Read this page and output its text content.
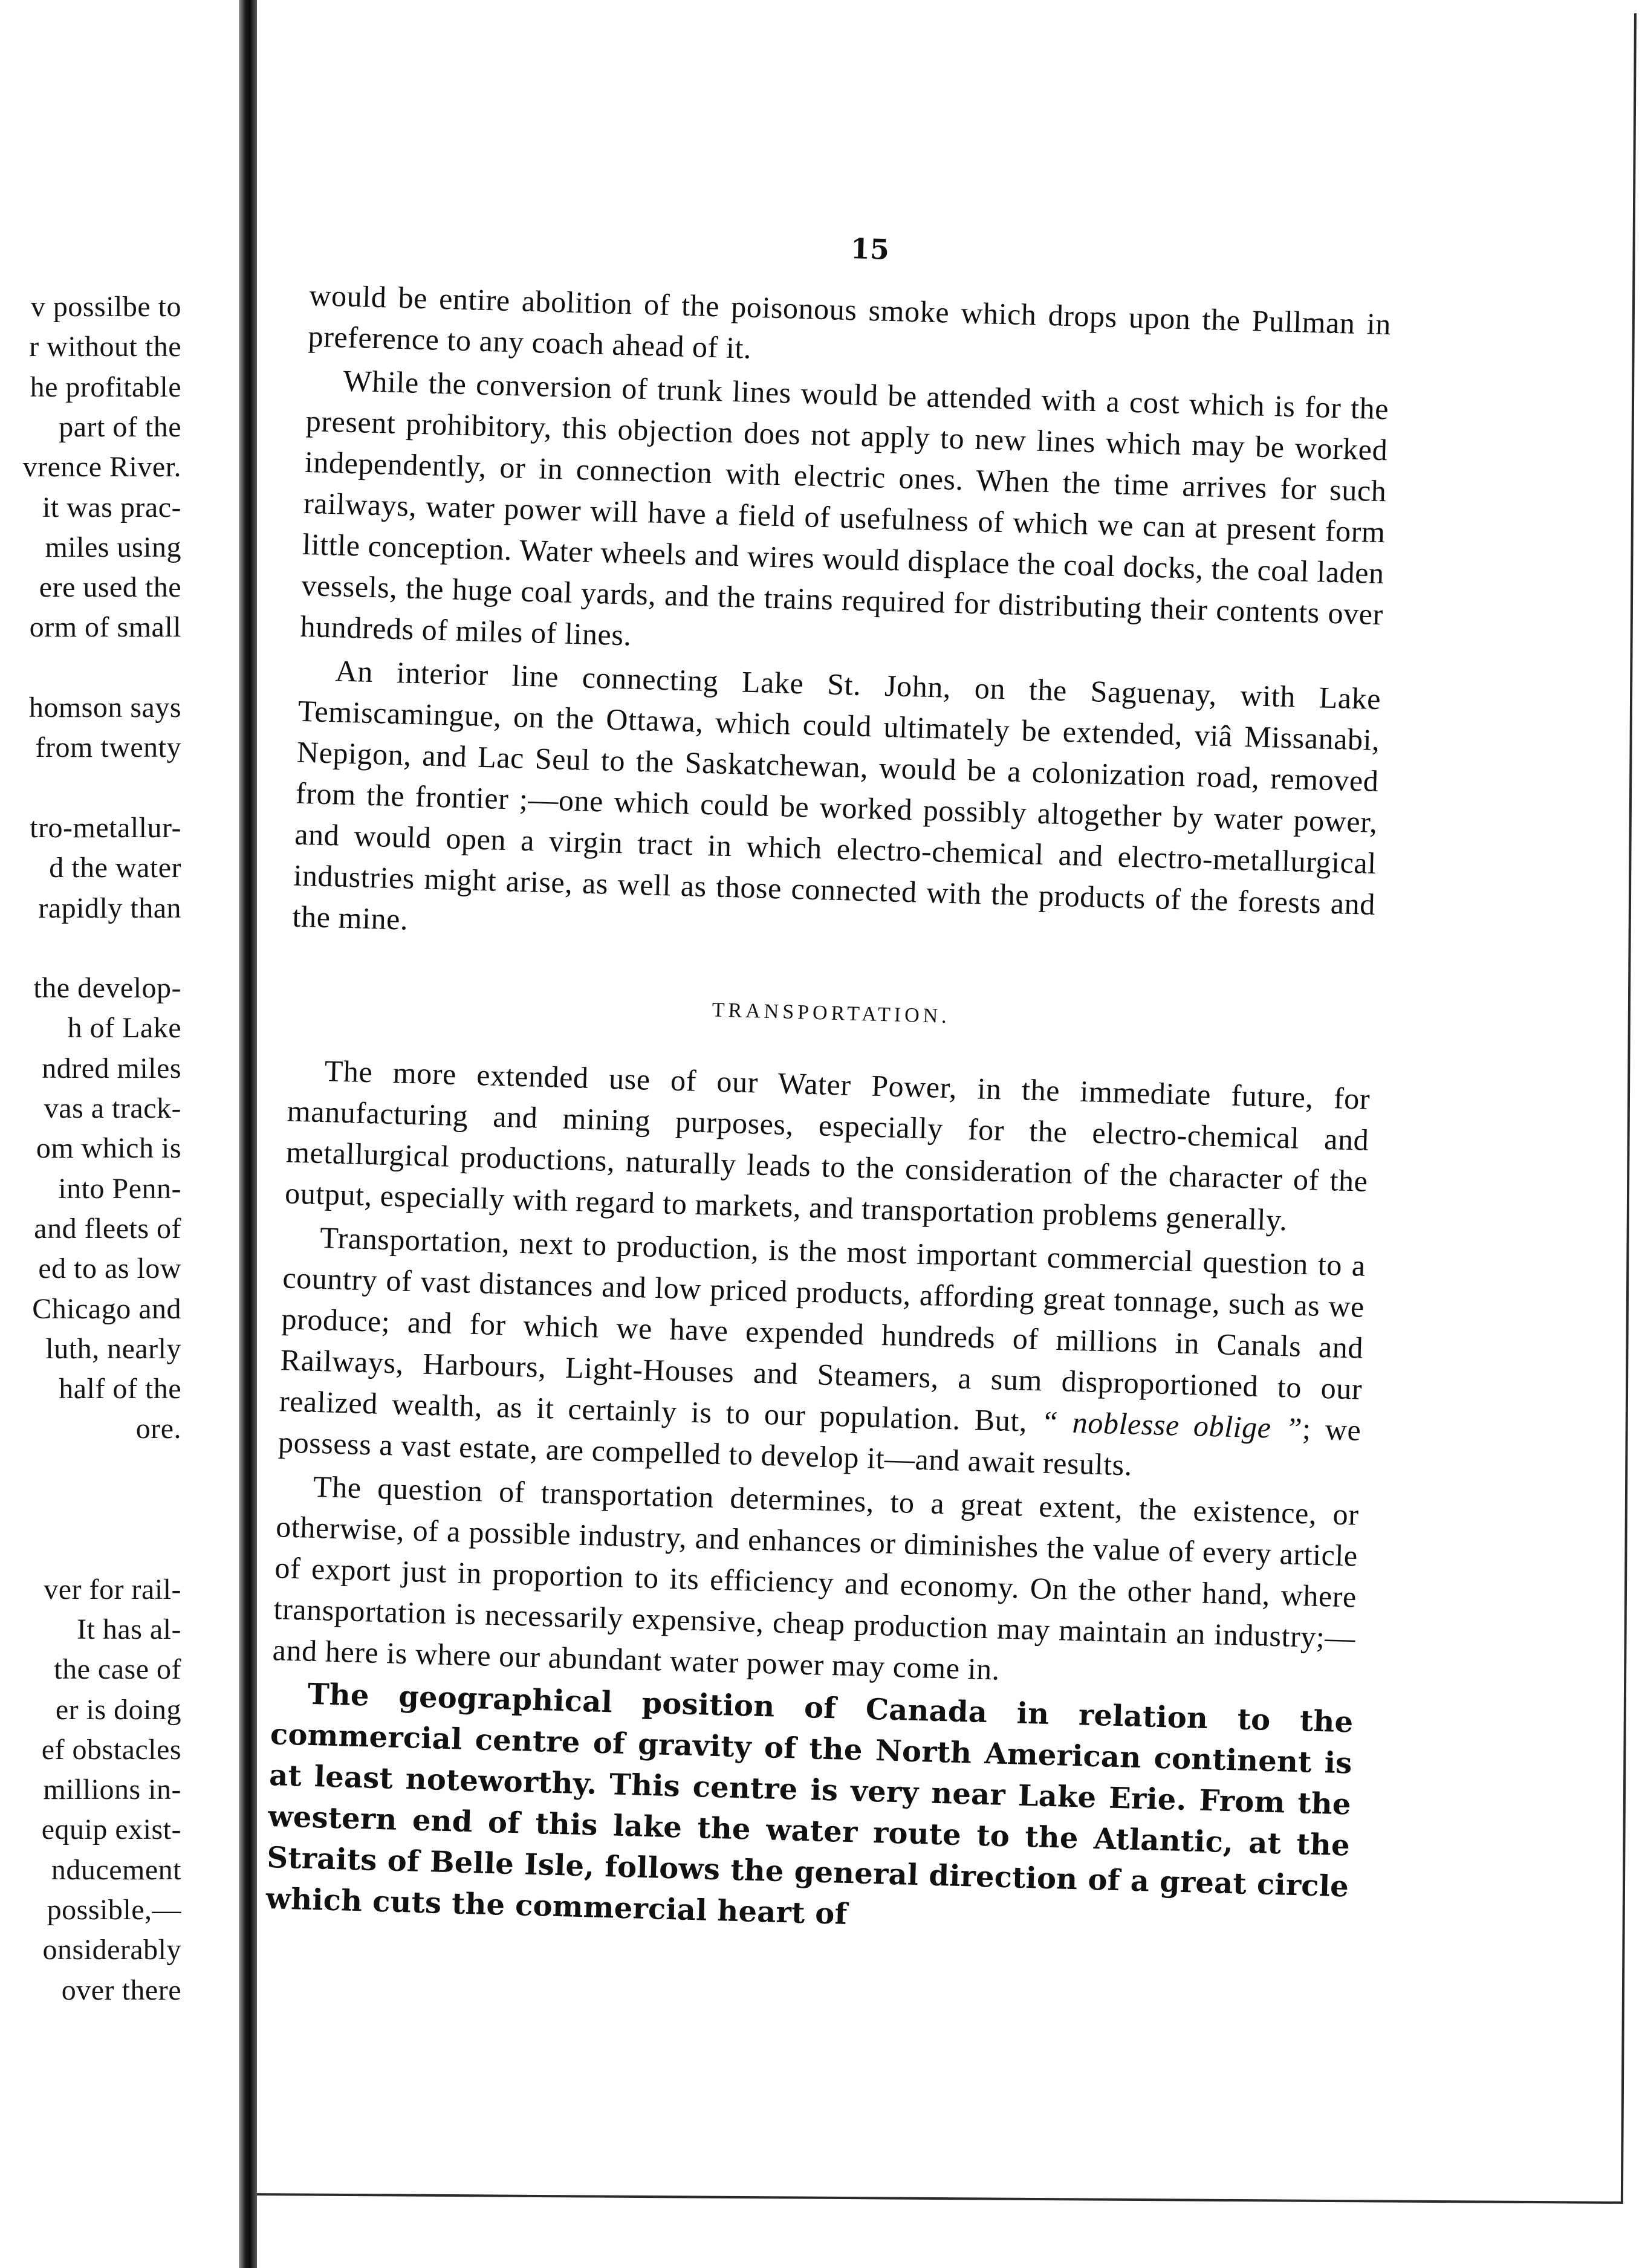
v possilbe to
r without the
he profitable
part of the
vrence River.
it was prac-
miles using
ere used the
orm of small
homson says
from twenty
tro-metallur-
d the water
rapidly than
the develop-
h of Lake
ndred miles
vas a track-
om which is
into Penn-
and fleets of
ed to as low
Chicago and
luth, nearly
half of the
ore.
ver for rail-
It has al-
the case of
er is doing
ef obstacles
millions in-
equip exist-
nducement
possible,—
onsiderably
over there
15

would be entire abolition of the poisonous smoke which drops upon the Pullman in preference to any coach ahead of it.

While the conversion of trunk lines would be attended with a cost which is for the present prohibitory, this objection does not apply to new lines which may be worked independently, or in connection with electric ones. When the time arrives for such railways, water power will have a field of usefulness of which we can at present form little conception. Water wheels and wires would displace the coal docks, the coal laden vessels, the huge coal yards, and the trains required for distributing their contents over hundreds of miles of lines.

An interior line connecting Lake St. John, on the Saguenay, with Lake Temiscamingue, on the Ottawa, which could ultimately be extended, viâ Missanabi, Nepigon, and Lac Seul to the Saskatchewan, would be a colonization road, removed from the frontier ;—one which could be worked possibly altogether by water power, and would open a virgin tract in which electro-chemical and electro-metallurgical industries might arise, as well as those connected with the products of the forests and the mine.

TRANSPORTATION.

The more extended use of our Water Power, in the immediate future, for manufacturing and mining purposes, especially for the electro-chemical and metallurgical productions, naturally leads to the consideration of the character of the output, especially with regard to markets, and transportation problems generally.

Transportation, next to production, is the most important commercial question to a country of vast distances and low priced products, affording great tonnage, such as we produce; and for which we have expended hundreds of millions in Canals and Railways, Harbours, Light-Houses and Steamers, a sum disproportioned to our realized wealth, as it certainly is to our population. But, “ noblesse oblige ”; we possess a vast estate, are compelled to develop it—and await results.

The question of transportation determines, to a great extent, the existence, or otherwise, of a possible industry, and enhances or diminishes the value of every article of export just in proportion to its efficiency and economy. On the other hand, where transportation is necessarily expensive, cheap production may maintain an industry;—and here is where our abundant water power may come in.

The geographical position of Canada in relation to the commercial centre of gravity of the North American continent is at least noteworthy. This centre is very near Lake Erie. From the western end of this lake the water route to the Atlantic, at the Straits of Belle Isle, follows the general direction of a great circle which cuts the commercial heart of
